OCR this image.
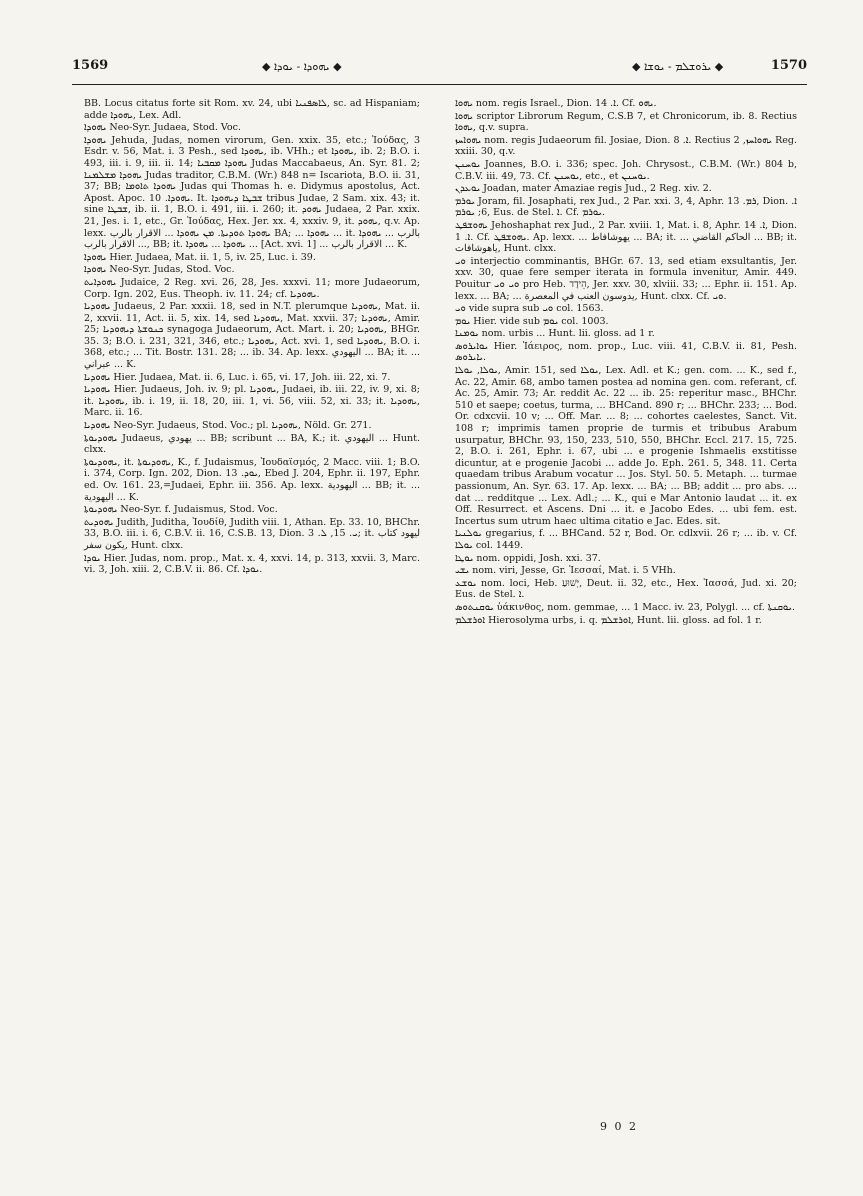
1569	◆ ܝܗܘܕܐ - ܝܘܕܐ ◆	◆ ܝܪܘܫܠܡ - ܝܘܫܐ ◆	1570

BB. Locus citatus forte sit Rom. xv. 24, ubi ܠܐܣܦܢܝܐ, sc. ad Hispaniam; adde ܝܗܘܕܐ, Lex. Adl.

ܝܗܘܕܐ Neo-Syr. Judaea, Stod. Voc.

ܝܗܘܕܐ Jehuda, Judas, nomen virorum, Gen. xxix. 35, etc.; Ἰούδας, 3 Esdr. v. 56, Mat. i. 3 Pesh., sed ܝܗܘܕܐ, ib. VHh.; et ܝܗܘܕܐ, ib. 2; B.O. i. 493, iii. i. 9, iii. ii. 14; ܝܗܘܕܐ ܡܩܒܝܐ Judas Maccabaeus, An. Syr. 81. 2; ܝܗܘܕܐ ܡܫܠܡܢܐ Judas traditor, C.B.M. (Wr.) 848 n= Iscariota, B.O. ii. 31, 37; BB; ܝܗܘܕܐ ܬܐܘܡܐ Judas qui Thomas h. e. Didymus apostolus, Act. Apost. Apoc. ܝܗܘܕܐ. 10. It. ܫܒܛܐ ܕܝܗܘܕܐ tribus Judae, 2 Sam. xix. 43; it. sine ܫܒܛܐ, ib. ii. 1, B.O. i. 491, iii. i. 260; it. ܝܗܘܕ Judaea, 2 Par. xxix. 21, Jes. i. 1, etc., Gr. Ἰούδας, Hex. Jer. xx. 4, xxxiv. 9, it. ܝܗܘܕ, q.v. Ap. lexx. ܝܗܘܕܐ ܬܘܕܝܬܐ. ܡܢ ܝܗܘܕܐ ... الاقرار بالرب BA; ... ܝܗܘܕܐ ... it. بالرب ... ܝܗܘܕܐ ... الاقرار بالرب, BB; it. ܝܗܘܕܐ ... ܝܗܘܕܐ ... [Act. xvi. 1] ... الاقرار بالرب ... K.

ܝܗܘܕܐ Hier. Judaea, Mat. ii. 1, 5, iv. 25, Luc. i. 39.

ܝܗܘܕܐ Neo-Syr. Judas, Stod. Voc.

ܝܗܘܕܐܝܬ Judaice, 2 Reg. xvi. 26, 28, Jes. xxxvi. 11; more Judaeorum, Corp. Ign. 202, Eus. Theoph. iv. 11. 24; cf. ܝܗܘܕܝܐ.

ܝܗܘܕܝܐ Judaeus, 2 Par. xxxii. 18, sed in N.T. plerumque ܝܗܘܕܝܐ, Mat. ii. 2, xxvii. 11, Act. ii. 5, xix. 14, sed ܝܗܘܕܝܐ, Mat. xxvii. 37; ܝܗܘܕܝܐ, Amir. 25; ܟܢܘܫܬܐ ܕܝܗܘܕܝܐ synagoga Judaeorum, Act. Mart. i. 20; ܝܗܘܕܝܐ, BHGr. 35. 3; B.O. i. 231, 321, 346, etc.; ܝܗܘܕܝܐ, Act. xvi. 1, sed ܝܗܘܕܝܐ, B.O. i. 368, etc.; ... Tit. Bostr. 131. 28; ... ib. 34. Ap. lexx. اليهودي ... BA; it. ... عبراني ... K.

ܝܗܘܕܝܐ Hier. Judaea, Mat. ii. 6, Luc. i. 65, vi. 17, Joh. iii. 22, xi. 7.

ܝܗܘܕܝܐ Hier. Judaeus, Joh. iv. 9; pl. ܝܗܘܕܝܐ, Judaei, ib. iii. 22, iv. 9, xi. 8; it. ܝܗܘܕܝܐ, ib. i. 19, ii. 18, 20, iii. 1, vi. 56, viii. 52, xi. 33; it. ܝܗܘܕܝܐ, Marc. ii. 16.

ܝܗܘܕܝܐ Neo-Syr. Judaeus, Stod. Voc.; pl. ܝܗܘܕܝܐ, Nöld. Gr. 271.

ܝܗܘܕܝܘܬܐ Judaeus, يهودي ... BB; scribunt ... BA, K.; it. اليهودي ... Hunt. clxx.

ܝܗܘܕܝܘܬܐ, it. ܝܗܘܕܝܘܬܐ, K., f. Judaismus, Ἰουδαϊσμός, 2 Macc. viii. 1; B.O. i. 374, Corp. Ign. 202, Dion. ܝܘܕ. 13, Ebed J. 204, Ephr. ii. 197, Ephr. ed. Ov. 161. 23,=Judaei, Ephr. iii. 356. Ap. lexx. اليهودية ... BB; it. ... اليهودية ... K.

ܝܗܘܕܝܘܬܐ Neo-Syr. f. Judaismus, Stod. Voc.

ܝܗܘܕܝܬ Judith, Juditha, Ἰουδίθ, Judith viii. 1, Athan. Ep. 33. 10, BHChr. 33, B.O. iii. i. 6, C.B.V. ii. 16, C.S.B. 13, Dion. ܝ. 15, ܠ. 3; it. ليهود كتاب يكون سفر, Hunt. clxx.

ܝܘܕܐ Hier. Judas, nom. prop., Mat. x. 4, xxvi. 14, p. 313, xxvii. 3, Marc. vi. 3, Joh. xiii. 2, C.B.V. ii. 86. Cf. ܝܘܕܐ.

ܝܗܘܐ nom. regis Israel., Dion. ܐ. 14. Cf. ܝܗܘ.

ܝܗܘܐ scriptor Librorum Regum, C.S.B 7, et Chronicorum, ib. 8. Rectius ܝܗܘܐ, q.v. supra.

ܝܗܘܐܚܙ nom. regis Judaeorum fil. Josiae, Dion. ܐ. 8. Rectius ܝܗܘܐܚܙ, 2 Reg. xxiii. 30, q.v.

ܝܘܚܢܢ Joannes, B.O. i. 336; spec. Joh. Chrysost., C.B.M. (Wr.) 804 b, C.B.V. iii. 49, 73. Cf. ܝܘܚܢܢ, etc., et ܝܘܚܢܢ.

ܝܘܥܕܢ Joadan, mater Amaziae regis Jud., 2 Reg. xiv. 2.

ܝܘܪܡ Joram, fil. Josaphati, rex Jud., 2 Par. xxi. 3, 4, Aphr. ܪܡ. 13, Dion. ܐ. 6; ܝܘܪܡ, Eus. de Stel. ܐ. Cf. ܝܘܪܡ.

ܝܗܘܫܦܛ Jehoshaphat rex Jud., 2 Par. xviii. 1, Mat. i. 8, Aphr. ܐ. 14, Dion. ܐ. 1. Cf. ܝܗܘܫܦܛ. Ap. lexx. ... يهوشافاط ... BA; it. ... الحاكم القاضي ... BB; it. ياهوشافات, Hunt. clxx.

ܘܝ interjectio comminantis, BHGr. 67. 13, sed etiam exsultantis, Jer. xxv. 30, quae fere semper iterata in formula invenitur, Amir. 449. Pouitur ܘܝ ܘܝ pro Heb. הֵידָד, Jer. xxv. 30, xlviii. 33; ... Ephr. ii. 151. Ap. lexx. ... BA; ... يدوسون العنب في المعصرة, Hunt. clxx. Cf. ܘܝ.

ܘܝ vide supra sub ܘܝ col. 1563.

ܝܘܡ Hier. vide sub ܝܘܡ col. 1003.

ܝܘܡܢܐ nom. urbis ... Hunt. lii. gloss. ad 1 r.

ܝܘܐܝܪܘܣ Hier. Ἰάειρος, nom. prop., Luc. viii. 41, C.B.V. ii. 81, Pesh. ܝܐܝܪܘܣ.

ܝܘܠܐ, ܝܘܠܐ, Amir. 151, sed ܝܘܠܐ, Lex. Adl. et K.; gen. com. ... K., sed f., Ac. 22, Amir. 68, ambo tamen postea ad nomina gen. com. referant, cf. Ac. 25, Amir. 73; Ar. reddit Ac. 22 ... ib. 25: reperitur masc., BHChr. 510 et saepe; coetus, turma, ... BHCand. 890 r; ... BHChr. 233; ... Bod. Or. cdxcvii. 10 v; ... Off. Mar. ... 8; ... cohortes caelestes, Sanct. Vit. 108 r; imprimis tamen proprie de turmis et tribubus Arabum usurpatur, BHChr. 93, 150, 233, 510, 550, BHChr. Eccl. 217. 15, 725. 2, B.O. i. 261, Ephr. i. 67, ubi ... e progenie Ishmaelis exstitisse dicuntur, at e progenie Jacobi ... adde Jo. Eph. 261. 5, 348. 11. Certa quaedam tribus Arabum vocatur ... Jos. Styl. 50. 5. Metaph. ... turmae passionum, An. Syr. 63. 17. Ap. lexx. ... BA; ... BB; addit ... pro abs. ... dat ... redditque ... Lex. Adl.; ... K., qui e Mar Antonio laudat ... it. ex Off. Resurrect. et Ascens. Dni ... it. e Jacobo Edes. ... ubi fem. est. Incertus sum utrum haec ultima citatio e Jac. Edes. sit.

ܝܘܠܢܝܐ gregarius, f. ... BHCand. 52 r, Bod. Or. cdlxvii. 26 r; ... ib. v. Cf. ܝܘܠܐ col. 1449.

ܝܘܛܐ nom. oppidi, Josh. xxi. 37.

ܝܫܝ nom. viri, Jesse, Gr. Ἰεσσαί, Mat. i. 5 VHh.

ܝܘܫܥ nom. loci, Heb. יְשׁוּעַ, Deut. ii. 32, etc., Hex. Ἰασσά, Jud. xi. 20; Eus. de Stel. ܐ.

ܝܘܩܢܬܘܣ ὑάκινθος, nom. gemmae, ... 1 Macc. iv. 23, Polygl. ... cf. ܝܘܩܢܬܐ.

ܐܘܪܫܠܡ Hierosolyma urbs, i. q. ܐܘܪܫܠܡ, Hunt. lii. gloss. ad fol. 1 r.

9 0 2
